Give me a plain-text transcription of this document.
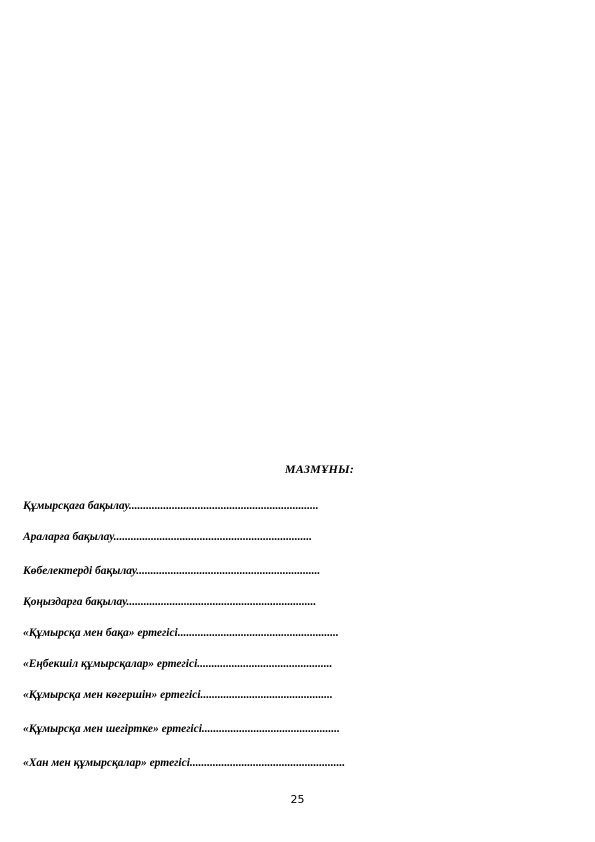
МАЗМҰНЫ:
Құмырсқаға бақылау..................................................................
Араларға бақылау.....................................................................
Көбелектерді бақылау................................................................
Қоңыздарға бақылау..................................................................
«Құмырсқа мен бақа» ертегісі........................................................
«Еңбекшіл құмырсқалар» ертегісі...............................................
«Құмырсқа мен көгершін» ертегісі..............................................
«Құмырсқа мен шегіртке» ертегісі................................................
«Хан мен құмырсқалар» ертегісі......................................................
25
